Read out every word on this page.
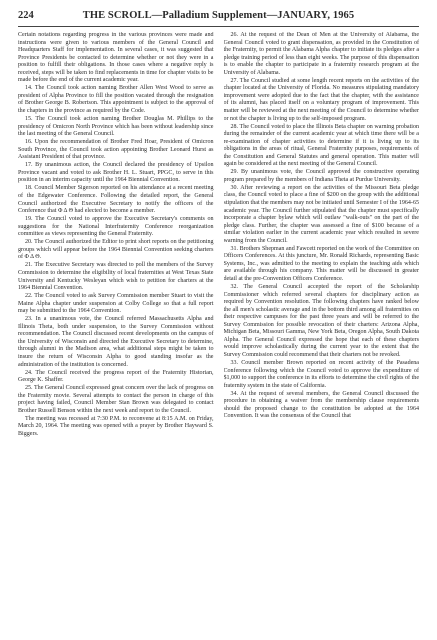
224	THE SCROLL—Palladium Supplement—JANUARY, 1965

Certain notations regarding progress in the various provinces were made and instructions were given to various members of the General Council and Headquarters Staff for implementation. In several cases, it was suggested that Province Presidents be contacted to determine whether or not they were in a position to fulfill their obligations. In those cases where a negative reply is received, steps will be taken to find replacements in time for chapter visits to be made before the end of the current academic year.

14. The Council took action naming Brother Allen West Wood to serve as president of Alpha Province to fill the position vacated through the resignation of Brother George B. Robertson. This appointment is subject to the approval of the chapters in the province as required by the Code.

15. The Council took action naming Brother Douglas M. Phillips to the presidency of Omicron North Province which has been without leadership since the last meeting of the General Council.

16. Upon the recommendation of Brother Fred Hoar, President of Omicron South Province, the Council took action appointing Brother Leonard Hurst as Assistant President of that province.

17. By unanimous action, the Council declared the presidency of Upsilon Province vacant and voted to ask Brother H. L. Stuart, PPGC, to serve in this position in an interim capacity until the 1964 Biennial Convention.

18. Council Member Sigerson reported on his attendance at a recent meeting of the Edgewater Conference. Following the detailed report, the General Council authorized the Executive Secretary to notify the officers of the Conference that Φ Δ Θ had elected to become a member.

19. The Council voted to approve the Executive Secretary's comments on suggestions for the National Interfraternity Conference reorganization committee as views representing the General Fraternity.

20. The Council authorized the Editor to print short reports on the petitioning groups which will appear before the 1964 Biennial Convention seeking charters of Φ Δ Θ.

21. The Executive Secretary was directed to poll the members of the Survey Commission to determine the eligibility of local fraternities at West Texas State University and Kentucky Wesleyan which wish to petition for charters at the 1964 Biennial Convention.

22. The Council voted to ask Survey Commission member Stuart to visit the Maine Alpha chapter under suspension at Colby College so that a full report may be submitted to the 1964 Convention.

23. In a unanimous vote, the Council referred Massachusetts Alpha and Illinois Theta, both under suspension, to the Survey Commission without recommendation. The Council discussed recent developments on the campus of the University of Wisconsin and directed the Executive Secretary to determine, through alumni in the Madison area, what additional steps might be taken to insure the return of Wisconsin Alpha to good standing insofar as the administration of the institution is concerned.

24. The Council received the progress report of the Fraternity Historian, George K. Shaffer.

25. The General Council expressed great concern over the lack of progress on the Fraternity movie. Several attempts to contact the person in charge of this project having failed, Council Member Stan Brown was delegated to contact Brother Russell Benson within the next week and report to the Council.

The meeting was recessed at 7:30 P.M. to reconvene at 8:15 A.M. on Friday, March 20, 1964. The meeting was opened with a prayer by Brother Hayward S. Biggers.

26. At the request of the Dean of Men at the University of Alabama, the General Council voted to grant dispensation, as provided in the Constitution of the Fraternity, to permit the Alabama Alpha chapter to initiate its pledges after a pledge training period of less than eight weeks. The purpose of this dispensation is to enable the chapter to participate in a fraternity research program at the University of Alabama.

27. The Council studied at some length recent reports on the activities of the chapter located at the University of Florida. No measures stipulating mandatory improvement were adopted due to the fact that the chapter, with the assistance of its alumni, has placed itself on a voluntary program of improvement. This matter will be reviewed at the next meeting of the Council to determine whether or not the chapter is living up to the self-imposed program.

28. The Council voted to place the Illinois Beta chapter on warning probation during the remainder of the current academic year at which time there will be a re-examination of chapter activities to determine if it is living up to its obligations in the areas of ritual, General Fraternity purposes, requirements of the Constitution and General Statutes and general operation. This matter will again be considered at the next meeting of the General Council.

29. By unanimous vote, the Council approved the constructive operating program prepared by the members of Indiana Theta at Purdue University.

30. After reviewing a report on the activities of the Missouri Beta pledge class, the Council voted to place a fine of $200 on the group with the additional stipulation that the members may not be initiated until Semester I of the 1964-65 academic year. The Council further stipulated that the chapter must specifically incorporate a chapter bylaw which will outlaw "walk-outs" on the part of the pledge class. Further, the chapter was assessed a fine of $100 because of a similar violation earlier in the current academic year which resulted in severe warning from the Council.

31. Brothers Shepman and Fawcett reported on the work of the Committee on Officers Conferences. At this juncture, Mr. Ronald Richards, representing Basic Systems, Inc., was admitted to the meeting to explain the teaching aids which are available through his company. This matter will be discussed in greater detail at the pre-Convention Officers Conference.

32. The General Council accepted the report of the Scholarship Commissioner which referred several chapters for disciplinary action as required by Convention resolution. The following chapters have ranked below the all men's scholastic average and in the bottom third among all fraternities on their respective campuses for the past three years and will be referred to the Survey Commission for possible revocation of their charters: Arizona Alpha, Michigan Beta, Missouri Gamma, New York Beta, Oregon Alpha, South Dakota Alpha. The General Council expressed the hope that each of these chapters would improve scholastically during the current year to the extent that the Survey Commission could recommend that their charters not be revoked.

33. Council member Brown reported on recent activity of the Pasadena Conference following which the Council voted to approve the expenditure of $1,000 to support the conference in its efforts to determine the civil rights of the fraternity system in the state of California.

34. At the request of several members, the General Council discussed the procedure in obtaining a waiver from the membership clause requirements should the proposed change to the constitution be adopted at the 1964 Convention. It was the consensus of the Council that
